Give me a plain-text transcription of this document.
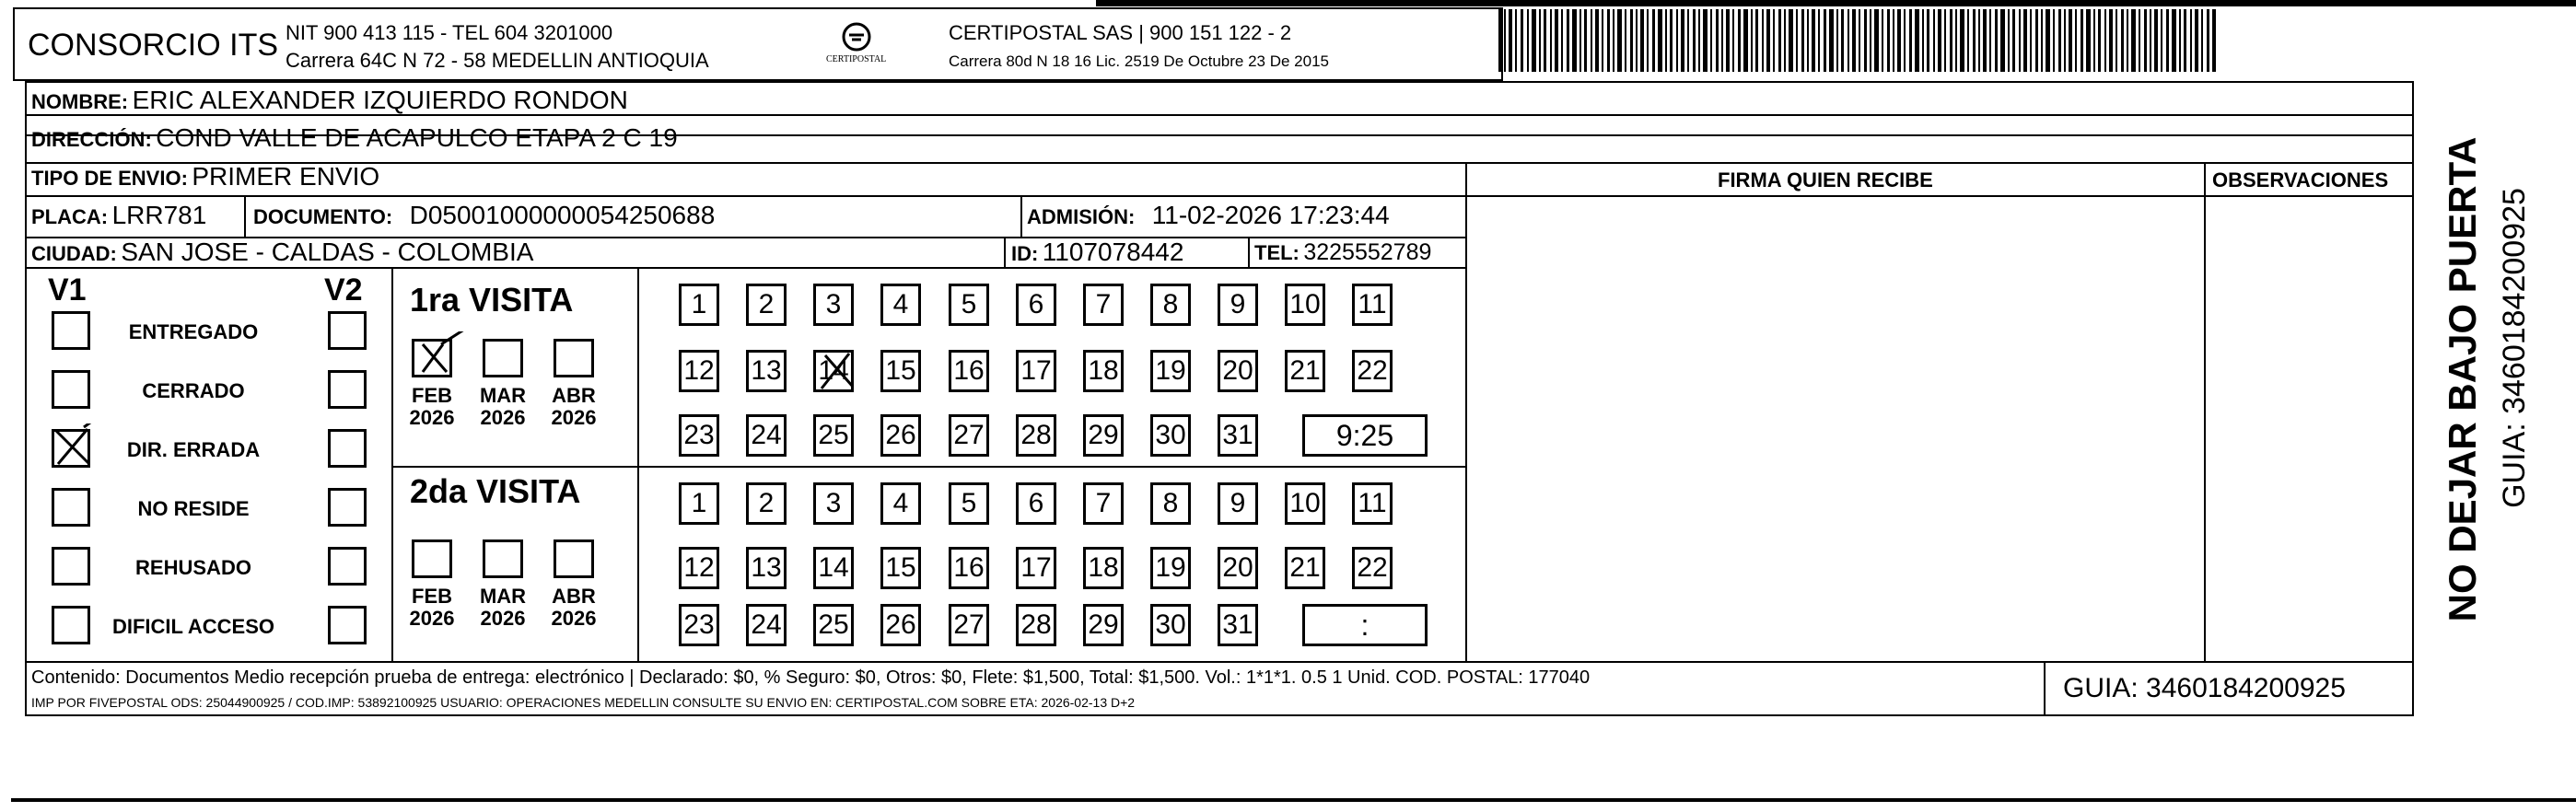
CONSORCIO ITS NIT 900 413 115 - TEL 604 3201000
Carrera 64C N 72 - 58 MEDELLIN ANTIOQUIA	CERTIPOSTAL
CERTIPOSTAL SAS | 900 151 122 - 2
Carrera 80d N 18 16 Lic. 2519 De Octubre 23 De 2015
NOMBRE: ERIC ALEXANDER IZQUIERDO RONDON
DIRECCIÓN: COND VALLE DE ACAPULCO ETAPA 2 C 19
TIPO DE ENVIO: PRIMER ENVIO	FIRMA QUIEN RECIBE	OBSERVACIONES
PLACA: LRR781 DOCUMENTO: D05001000000054250688	ADMISIÓN: 11-02-2026 17:23:44
CIUDAD: SAN JOSE - CALDAS - COLOMBIA	ID: 1107078442	TEL: 3225552789
V1	V2
ENTREGADO
CERRADO
DIR. ERRADA
NO RESIDE
REHUSADO
DIFICIL ACCESO
1ra VISITA
2da VISITA
FEB
2026
MAR
2026
ABR
2026
FEB
2026
MAR
2026
ABR
2026
1	2	3	4	5	6	7	8	9	10 11
12 13 14 15 16 17 18 19 20 21 22
23 24 25 26 27 28 29 30 31	9:25
1	2	3	4	5	6	7	8	9	10 11
12 13 14 15 16 17 18 19 20 21 22
23 24 25 26 27 28 29 30 31	:
Contenido: Documentos Medio recepción prueba de entrega: electrónico | Declarado: $0, % Seguro: $0, Otros: $0, Flete: $1,500, Total: $1,500. Vol.: 1*1*1. 0.5 1 Unid. COD. POSTAL: 177040
IMP POR FIVEPOSTAL ODS: 25044900925 / COD.IMP: 53892100925 USUARIO: OPERACIONES MEDELLIN CONSULTE SU ENVIO EN: CERTIPOSTAL.COM SOBRE ETA: 2026-02-13 D+2	GUIA: 3460184200925
NO DEJAR BAJO PUERTA GUIA: 3460184200925
